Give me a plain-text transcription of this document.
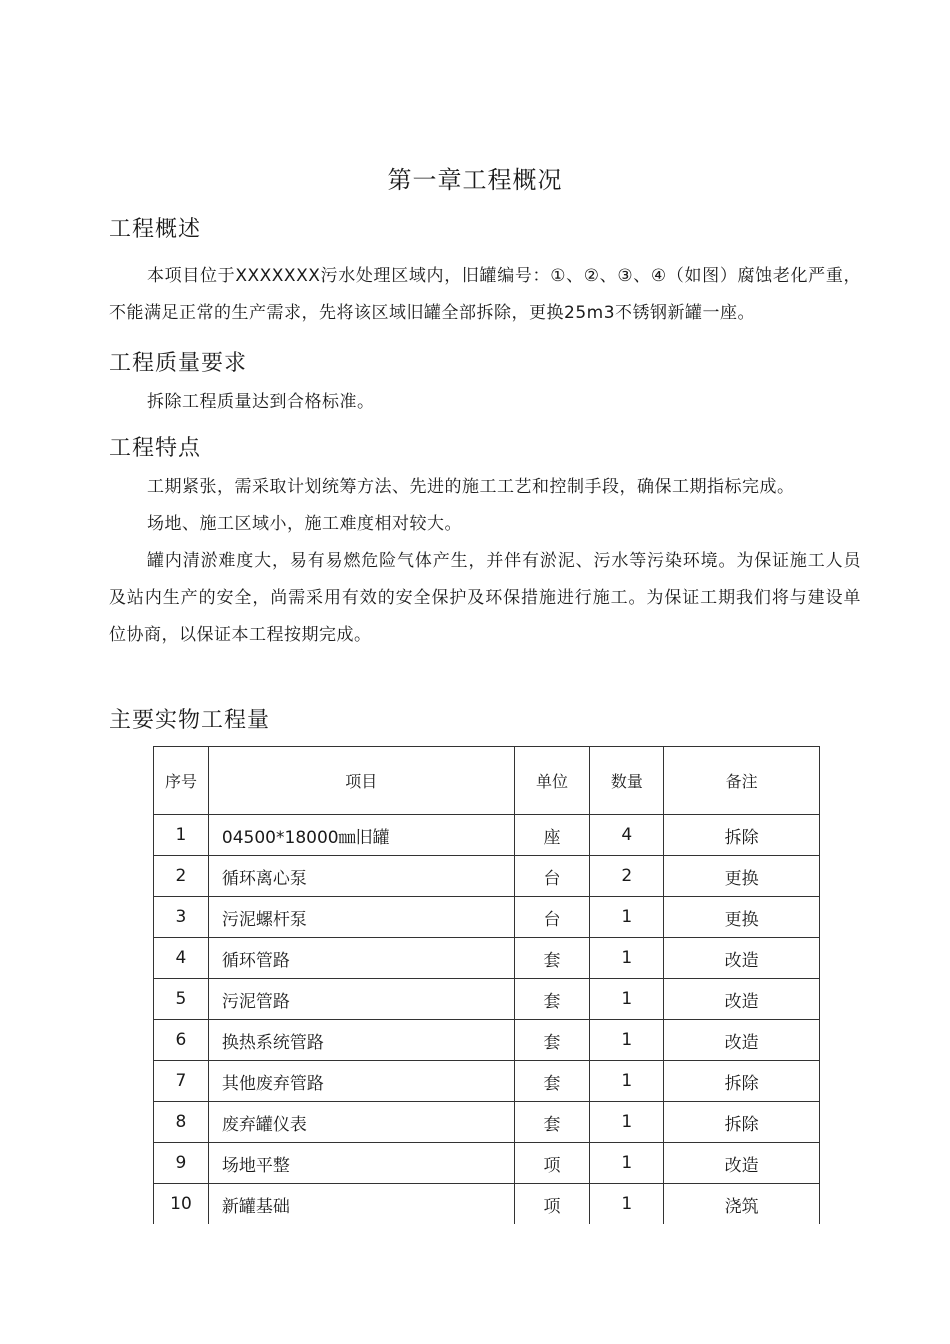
第一章工程概况
工程概述

本项目位于XXXXXXX污水处理区域内，旧罐编号：①、②、③、④（如图）腐蚀老化严重，不能满足正常的生产需求，先将该区域旧罐全部拆除，更换25m3不锈钢新罐一座。

工程质量要求

拆除工程质量达到合格标准。

工程特点

工期紧张，需采取计划统筹方法、先进的施工工艺和控制手段，确保工期指标完成。

场地、施工区域小，施工难度相对较大。

罐内清淤难度大，易有易燃危险气体产生，并伴有淤泥、污水等污染环境。为保证施工人员及站内生产的安全，尚需采用有效的安全保护及环保措施进行施工。为保证工期我们将与建设单位协商，以保证本工程按期完成。

主要实物工程量
序号	项目	单位	数量	备注
1	04500*18000㎜旧罐	座	4	拆除
2	循环离心泵	台	2	更换
3	污泥螺杆泵	台	1	更换
4	循环管路	套	1	改造
5	污泥管路	套	1	改造
6	换热系统管路	套	1	改造
7	其他废弃管路	套	1	拆除
8	废弃罐仪表	套	1	拆除
9	场地平整	项	1	改造
10	新罐基础	项	1	浇筑
